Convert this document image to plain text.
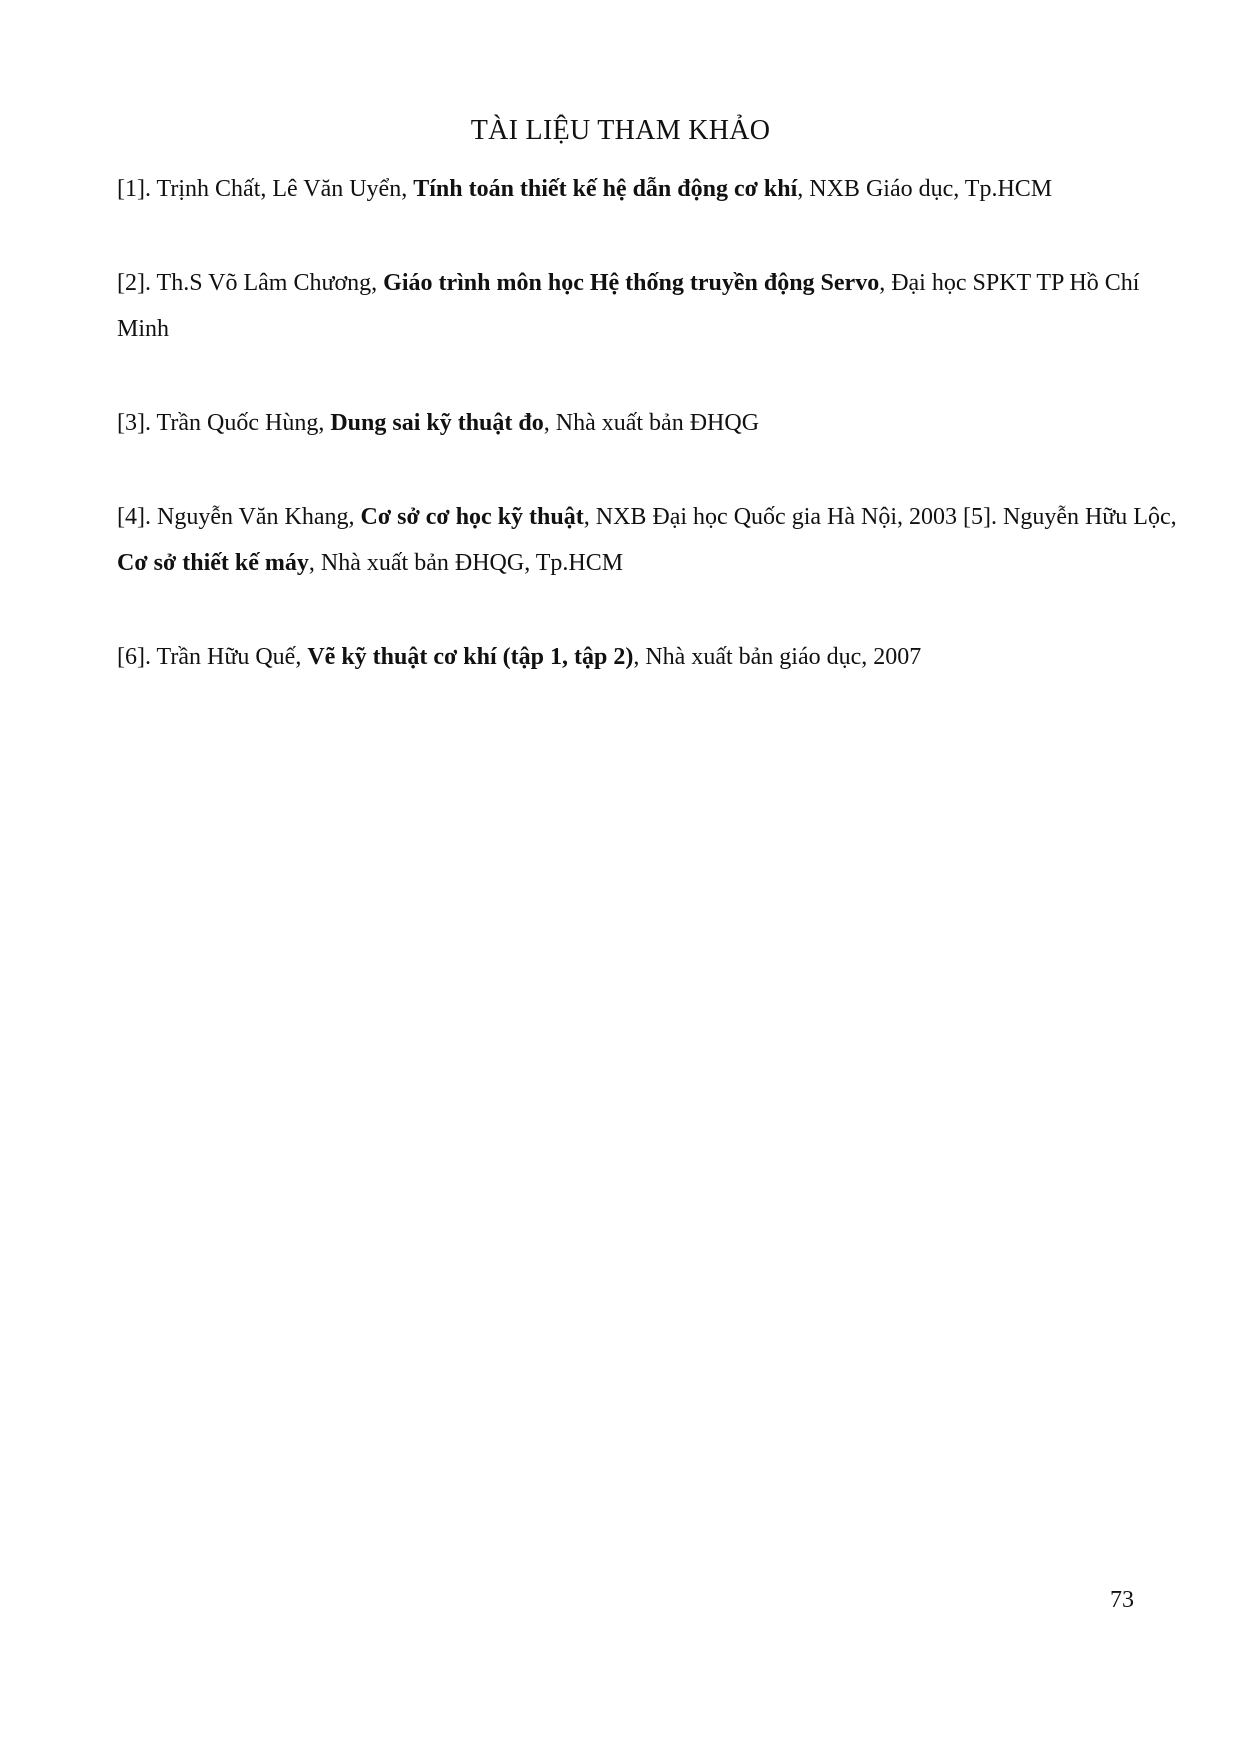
TÀI LIỆU THAM KHẢO

[1]. Trịnh Chất, Lê Văn Uyển, Tính toán thiết kế hệ dẫn động cơ khí, NXB Giáo dục, Tp.HCM

[2]. Th.S Võ Lâm Chương, Giáo trình môn học Hệ thống truyền động Servo, Đại học SPKT TP Hồ Chí Minh

[3]. Trần Quốc Hùng, Dung sai kỹ thuật đo, Nhà xuất bản ĐHQG

[4]. Nguyễn Văn Khang, Cơ sở cơ học kỹ thuật, NXB Đại học Quốc gia Hà Nội, 2003 [5]. Nguyễn Hữu Lộc, Cơ sở thiết kế máy, Nhà xuất bản ĐHQG, Tp.HCM

[6]. Trần Hữu Quế, Vẽ kỹ thuật cơ khí (tập 1, tập 2), Nhà xuất bản giáo dục, 2007

73
